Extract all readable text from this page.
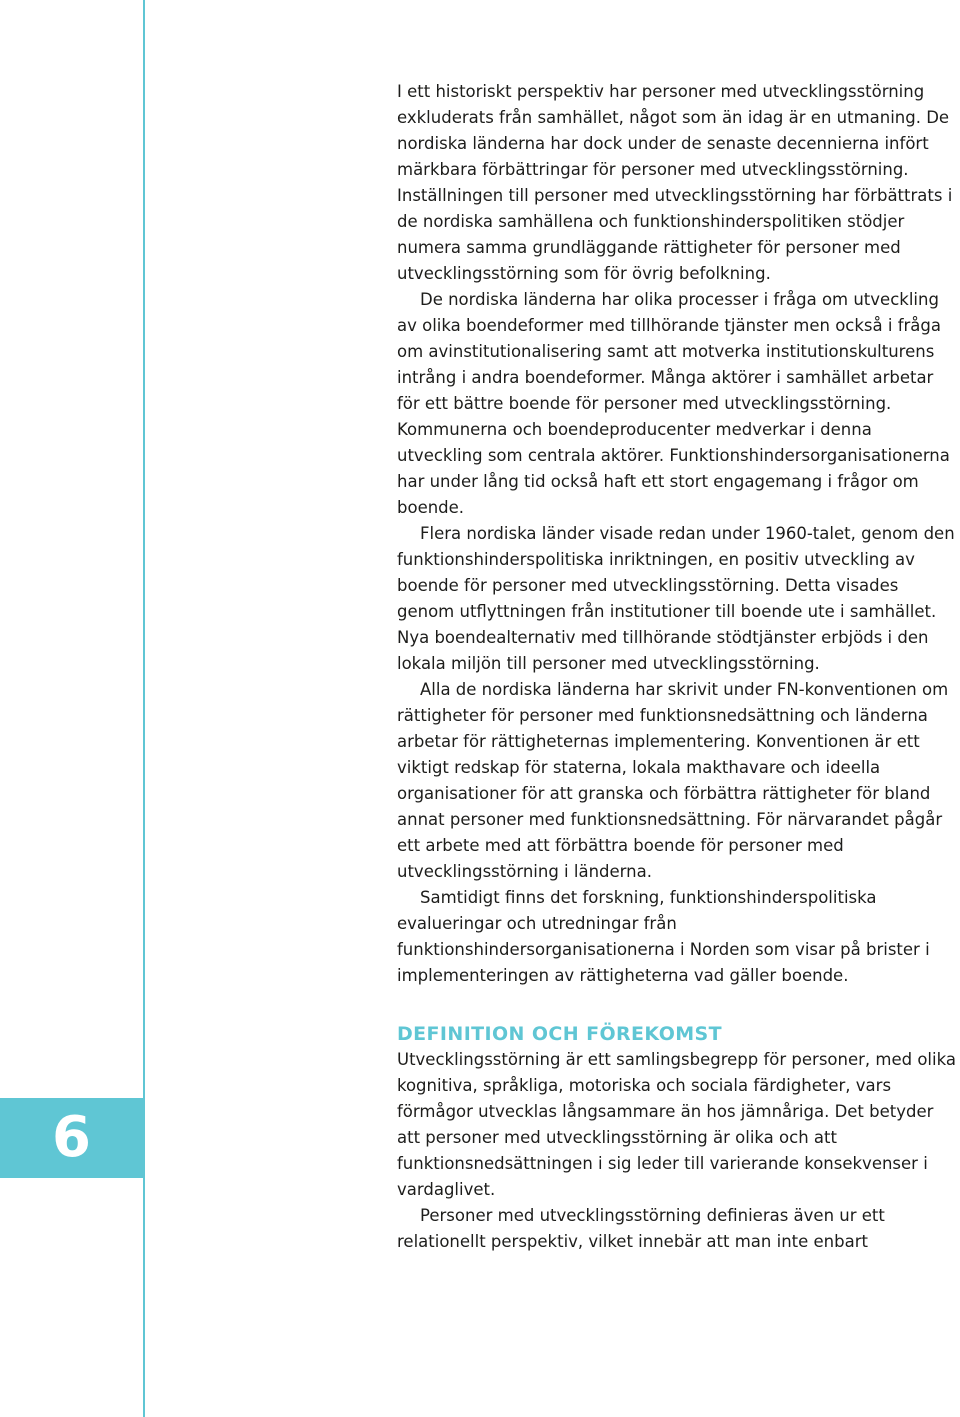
6

I ett historiskt perspektiv har personer med utvecklingsstörning exkluderats från samhället, något som än idag är en utmaning. De nordiska länderna har dock under de senaste decennierna infört märkbara förbättringar för personer med utvecklingsstörning. Inställningen till personer med utvecklingsstörning har förbättrats i de nordiska samhällena och funktionshinderspolitiken stödjer numera samma grundläggande rättigheter för personer med utvecklingsstörning som för övrig befolkning.

De nordiska länderna har olika processer i fråga om utveckling av olika boendeformer med tillhörande tjänster men också i fråga om avinstitutionalisering samt att motverka institutionskulturens intrång i andra boendeformer. Många aktörer i samhället arbetar för ett bättre boende för personer med utvecklingsstörning. Kommunerna och boendeproducenter medverkar i denna utveckling som centrala aktörer. Funktionshindersorganisationerna har under lång tid också haft ett stort engagemang i frågor om boende.

Flera nordiska länder visade redan under 1960-talet, genom den funktionshinderspolitiska inriktningen, en positiv utveckling av boende för personer med utvecklingsstörning. Detta visades genom utflyttningen från institutioner till boende ute i samhället. Nya boendealternativ med tillhörande stödtjänster erbjöds i den lokala miljön till personer med utvecklingsstörning.

Alla de nordiska länderna har skrivit under FN-konventionen om rättigheter för personer med funktionsnedsättning och länderna arbetar för rättigheternas implementering. Konventionen är ett viktigt redskap för staterna, lokala makthavare och ideella organisationer för att granska och förbättra rättigheter för bland annat personer med funktionsnedsättning. För närvarandet pågår ett arbete med att förbättra boende för personer med utvecklingsstörning i länderna.

Samtidigt finns det forskning, funktionshinderspolitiska evalueringar och utredningar från funktionshindersorganisationerna i Norden som visar på brister i implementeringen av rättigheterna vad gäller boende.

DEFINITION OCH FÖREKOMST

Utvecklingsstörning är ett samlingsbegrepp för personer, med olika kognitiva, språkliga, motoriska och sociala färdigheter, vars förmågor utvecklas långsammare än hos jämnåriga. Det betyder att personer med utvecklingsstörning är olika och att funktionsnedsättningen i sig leder till varierande konsekvenser i vardaglivet.

Personer med utvecklingsstörning definieras även ur ett relationellt perspektiv, vilket innebär att man inte enbart
